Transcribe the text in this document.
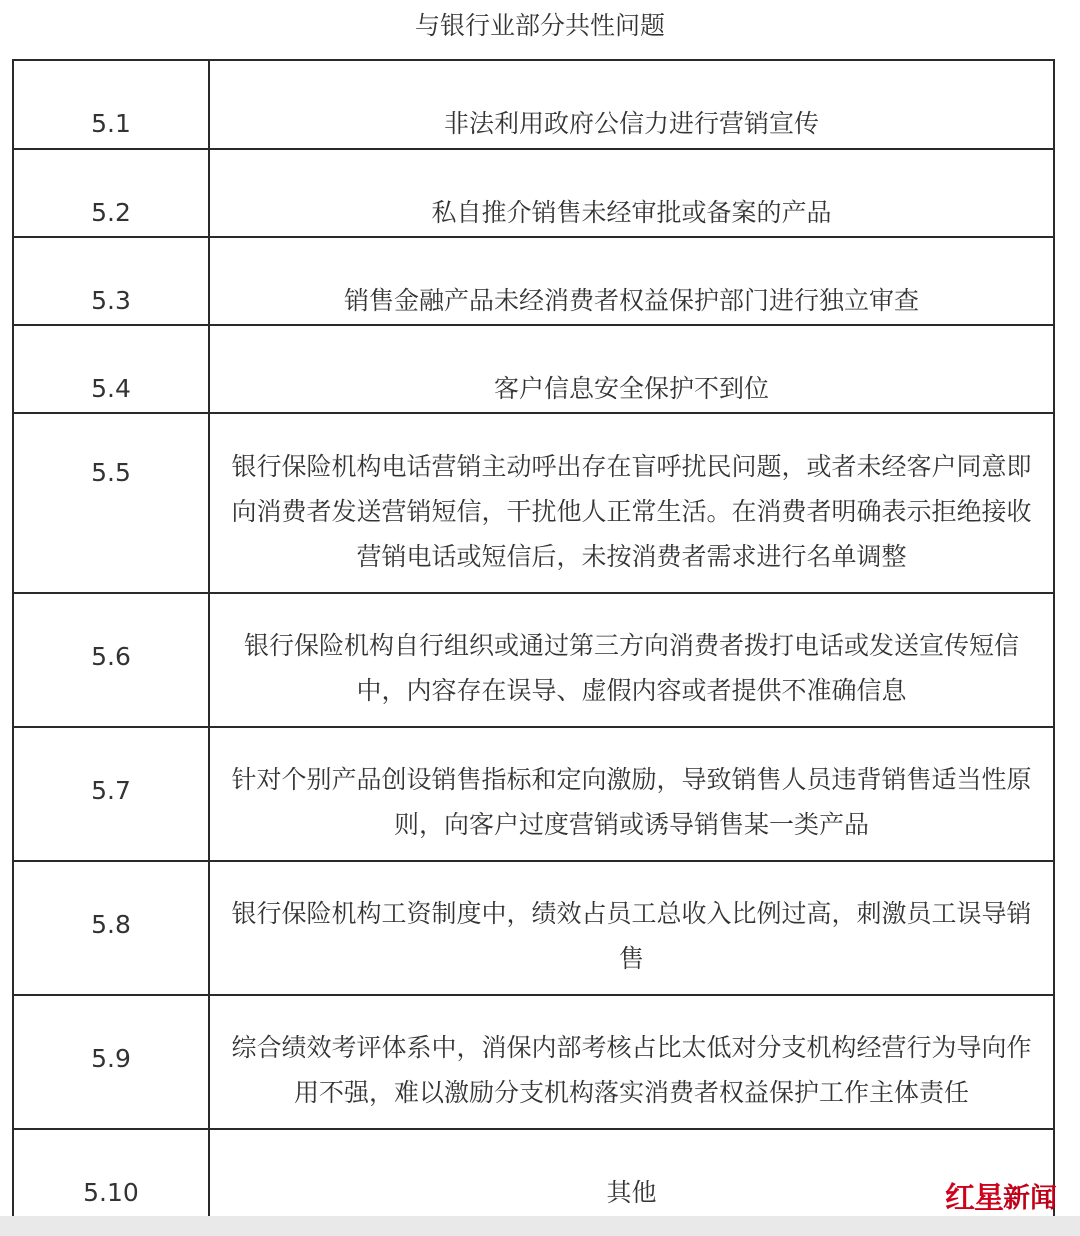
与银行业部分共性问题
5.1	非法利用政府公信力进行营销宣传

5.2	私自推介销售未经审批或备案的产品

5.3	销售金融产品未经消费者权益保护部门进行独立审查

5.4	客户信息安全保护不到位

5.5	银行保险机构电话营销主动呼出存在盲呼扰民问题，或者未经客户同意即向消费者发送营销短信，干扰他人正常生活。在消费者明确表示拒绝接收营销电话或短信后，未按消费者需求进行名单调整

5.6	银行保险机构自行组织或通过第三方向消费者拨打电话或发送宣传短信中，内容存在误导、虚假内容或者提供不准确信息

5.7	针对个别产品创设销售指标和定向激励，导致销售人员违背销售适当性原则，向客户过度营销或诱导销售某一类产品

5.8	银行保险机构工资制度中，绩效占员工总收入比例过高，刺激员工误导销售

5.9	综合绩效考评体系中，消保内部考核占比太低对分支机构经营行为导向作用不强，难以激励分支机构落实消费者权益保护工作主体责任

5.10	其他	红星 新闻
